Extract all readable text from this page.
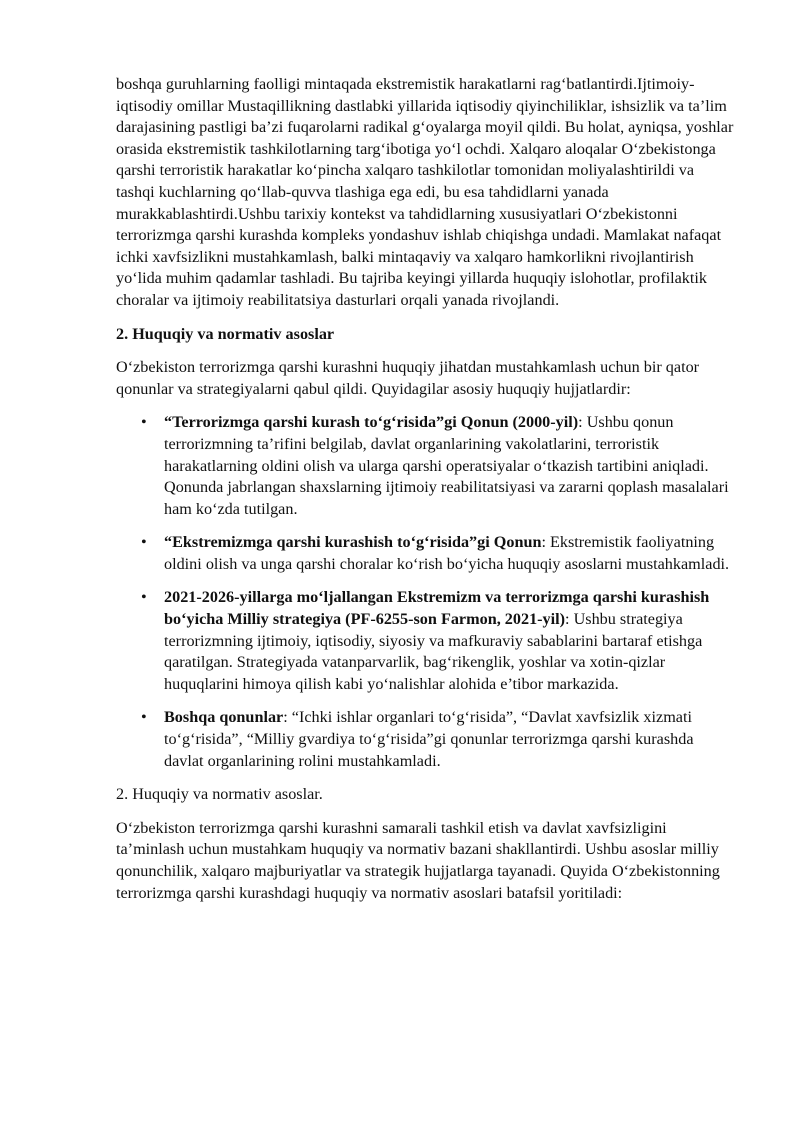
boshqa guruhlarning faolligi mintaqada ekstremistik harakatlarni rag‘batlantirdi.Ijtimoiy-iqtisodiy omillar Mustaqillikning dastlabki yillarida iqtisodiy qiyinchiliklar, ishsizlik va ta’lim darajasining pastligi ba’zi fuqarolarni radikal g‘oyalarga moyil qildi. Bu holat, ayniqsa, yoshlar orasida ekstremistik tashkilotlarning targ‘ibotiga yo‘l ochdi. Xalqaro aloqalar O‘zbekistonga qarshi terroristik harakatlar ko‘pincha xalqaro tashkilotlar tomonidan moliyalashtirildi va tashqi kuchlarning qo‘llab-quvva tlashiga ega edi, bu esa tahdidlarni yanada murakkablashtirdi.Ushbu tarixiy kontekst va tahdidlarning xususiyatlari O‘zbekistonni terrorizmga qarshi kurashda kompleks yondashuv ishlab chiqishga undadi. Mamlakat nafaqat ichki xavfsizlikni mustahkamlash, balki mintaqaviy va xalqaro hamkorlikni rivojlantirish yo‘lida muhim qadamlar tashladi. Bu tajriba keyingi yillarda huquqiy islohotlar, profilaktik choralar va ijtimoiy reabilitatsiya dasturlari orqali yanada rivojlandi.

2. Huquqiy va normativ asoslar

O‘zbekiston terrorizmga qarshi kurashni huquqiy jihatdan mustahkamlash uchun bir qator qonunlar va strategiyalarni qabul qildi. Quyidagilar asosiy huquqiy hujjatlardir:

• “Terrorizmga qarshi kurash to‘g‘risida”gi Qonun (2000-yil): Ushbu qonun terrorizmning ta’rifini belgilab, davlat organlarining vakolatlarini, terroristik harakatlarning oldini olish va ularga qarshi operatsiyalar o‘tkazish tartibini aniqladi. Qonunda jabrlangan shaxslarning ijtimoiy reabilitatsiyasi va zararni qoplash masalalari ham ko‘zda tutilgan.
• “Ekstremizmga qarshi kurashish to‘g‘risida”gi Qonun: Ekstremistik faoliyatning oldini olish va unga qarshi choralar ko‘rish bo‘yicha huquqiy asoslarni mustahkamladi.
• 2021-2026-yillarga mo‘ljallangan Ekstremizm va terrorizmga qarshi kurashish bo‘yicha Milliy strategiya (PF-6255-son Farmon, 2021-yil): Ushbu strategiya terrorizmning ijtimoiy, iqtisodiy, siyosiy va mafkuraviy sabablarini bartaraf etishga qaratilgan. Strategiyada vatanparvarlik, bag‘rikenglik, yoshlar va xotin-qizlar huquqlarini himoya qilish kabi yo‘nalishlar alohida e’tibor markazida.
• Boshqa qonunlar: “Ichki ishlar organlari to‘g‘risida”, “Davlat xavfsizlik xizmati to‘g‘risida”, “Milliy gvardiya to‘g‘risida”gi qonunlar terrorizmga qarshi kurashda davlat organlarining rolini mustahkamladi.

2. Huquqiy va normativ asoslar.

O‘zbekiston terrorizmga qarshi kurashni samarali tashkil etish va davlat xavfsizligini ta’minlash uchun mustahkam huquqiy va normativ bazani shakllantirdi. Ushbu asoslar milliy qonunchilik, xalqaro majburiyatlar va strategik hujjatlarga tayanadi. Quyida O‘zbekistonning terrorizmga qarshi kurashdagi huquqiy va normativ asoslari batafsil yoritiladi:
